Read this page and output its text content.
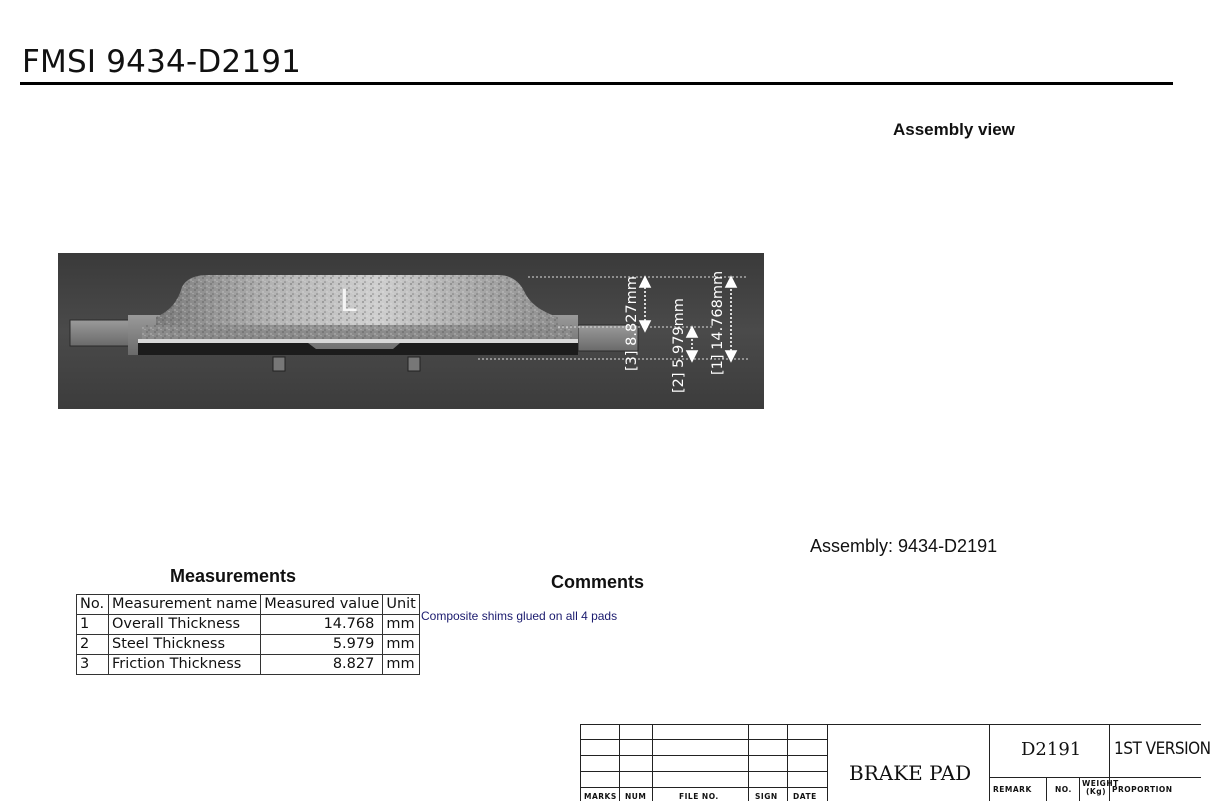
FMSI 9434-D2191
Assembly view
L	[3] 8.827mm [2] 5.979mm [1] 14.768mm
Assembly: 9434-D2191
Measurements
No.	Measurement name	Measured value	Unit
1	Overall Thickness	14.768	mm
2	Steel Thickness	5.979	mm
3	Friction Thickness	8.827	mm
Comments
Composite shims glued on all 4 pads
MARKS NUM	FILE NO.	SIGN DATE
BRAKE PAD
D2191 1ST VERSION
REMARK	NO.
WEIGHT (Kg) PROPORTION
